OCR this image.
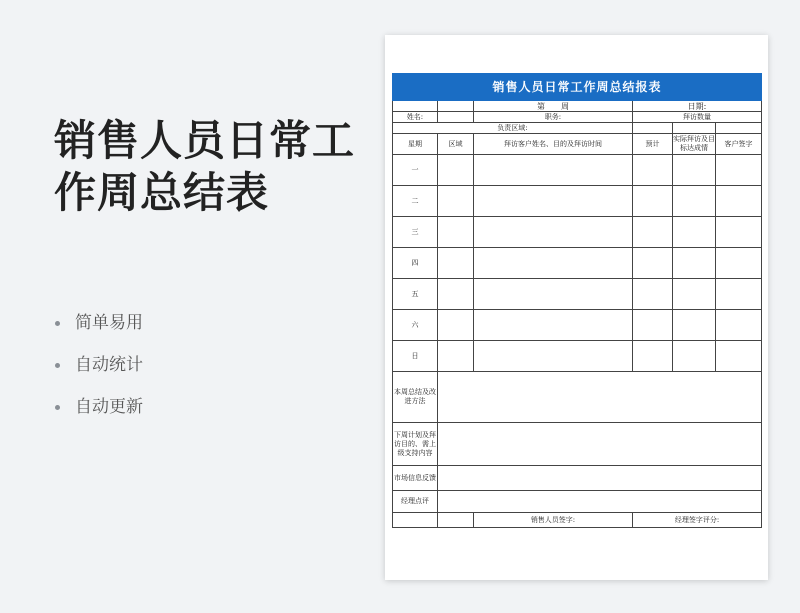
销售人员日常工作周总结表
简单易用
自动统计
自动更新
销售人员日常工作周总结报表					
		第　　周	日期:		
姓名:		职务:	拜访数量		
负责区域:					
星期	区域	拜访客户姓名、目的及拜访时间	预计	实际拜访及目标达成情	客户签字
一					
二					
三					
四					
五					
六					
日					
本周总结及改进方法					
下周计划及拜访目的、需上级支持内容					
市场信息反馈					
经理点评					
		销售人员签字:	经理签字评分:		
